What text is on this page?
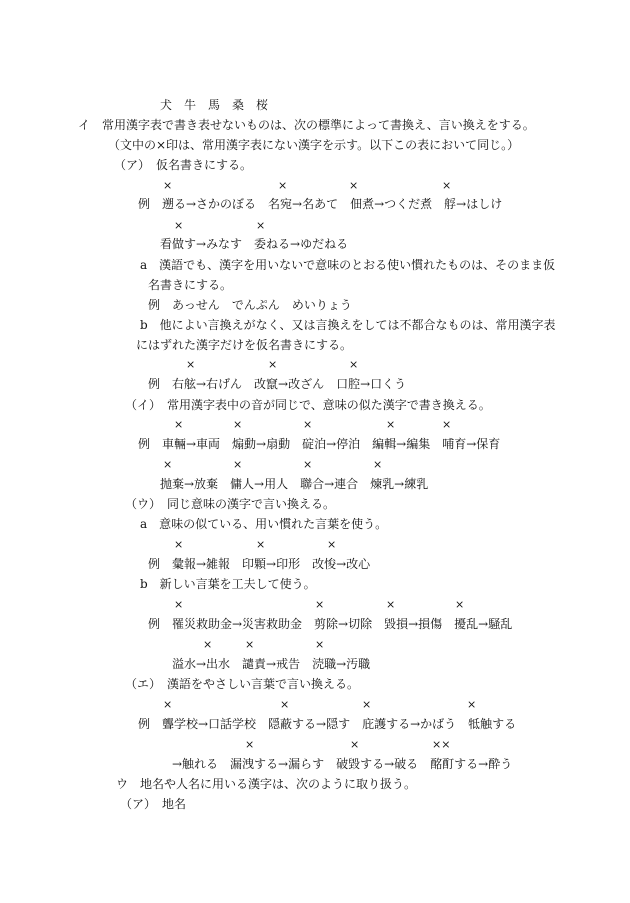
犬　牛　馬　桑　桜
イ　常用漢字表で書き表せないものは、次の標準によって書換え、言い換えをする。
（文中の×印は、常用漢字表にない漢字を示す。以下この表において同じ。）
（ア）　仮名書きにする。
×	×	×	×
例　遡る→さかのぼる　名宛→名あて　佃煮→つくだ煮　艀→はしけ
×	×
看做す→みなす　委ねる→ゆだねる
a　漢語でも、漢字を用いないで意味のとおる使い慣れたものは、そのまま仮
名書きにする。
例　あっせん　でんぷん　めいりょう
b　他によい言換えがなく、又は言換えをしては不都合なものは、常用漢字表
にはずれた漢字だけを仮名書きにする。
×	×	×
例　右舷→右げん　改竄→改ざん　口腔→口くう
（イ）　常用漢字表中の音が同じで、意味の似た漢字で書き換える。
×	×	×	×	×
例　車輛→車両　煽動→扇動　碇泊→停泊　編輯→編集　哺育→保育
×	×	×	×
抛棄→放棄　傭人→用人　聯合→連合　煉乳→練乳
（ウ）　同じ意味の漢字で言い換える。
a　意味の似ている、用い慣れた言葉を使う。
×	×	×
例　彙報→雑報　印顆→印形　改悛→改心
b　新しい言葉を工夫して使う。
×	×	×	×
例　罹災救助金→災害救助金　剪除→切除　毀損→損傷　擾乱→騒乱
×	×	×
溢水→出水　譴責→戒告　涜職→汚職
（エ）　漢語をやさしい言葉で言い換える。
×	×	×	×
例　聾学校→口話学校　隠蔽する→隠す　庇護する→かばう　牴触する
×	×	××
→触れる　漏洩する→漏らす　破毀する→破る　酩酊する→酔う
ウ　地名や人名に用いる漢字は、次のように取り扱う。
（ア）　地名
